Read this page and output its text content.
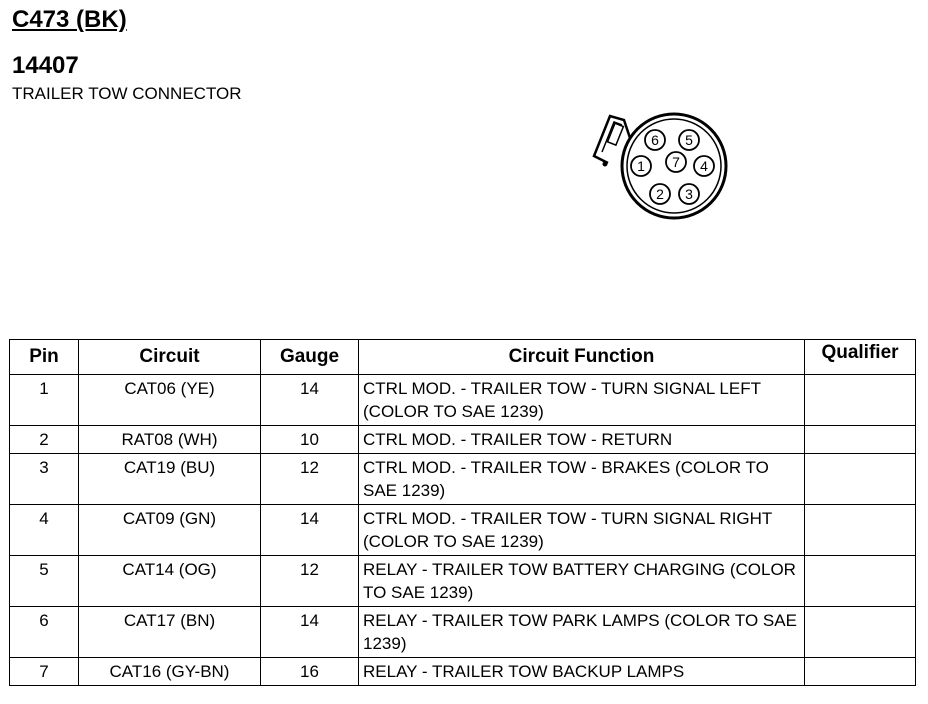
C473 (BK)
14407
TRAILER TOW CONNECTOR
1
2 3
4
5
6
7
Pin	Circuit	Gauge	Circuit Function	Qualifier
1	CAT06 (YE)	14	CTRL MOD. - TRAILER TOW - TURN SIGNAL LEFT (COLOR TO SAE 1239)	
2	RAT08 (WH)	10	CTRL MOD. - TRAILER TOW - RETURN	
3	CAT19 (BU)	12	CTRL MOD. - TRAILER TOW - BRAKES (COLOR TO SAE 1239)	
4	CAT09 (GN)	14	CTRL MOD. - TRAILER TOW - TURN SIGNAL RIGHT (COLOR TO SAE 1239)	
5	CAT14 (OG)	12	RELAY - TRAILER TOW BATTERY CHARGING (COLOR TO SAE 1239)	
6	CAT17 (BN)	14	RELAY - TRAILER TOW PARK LAMPS (COLOR TO SAE 1239)	
7	CAT16 (GY-BN)	16	RELAY - TRAILER TOW BACKUP LAMPS	
